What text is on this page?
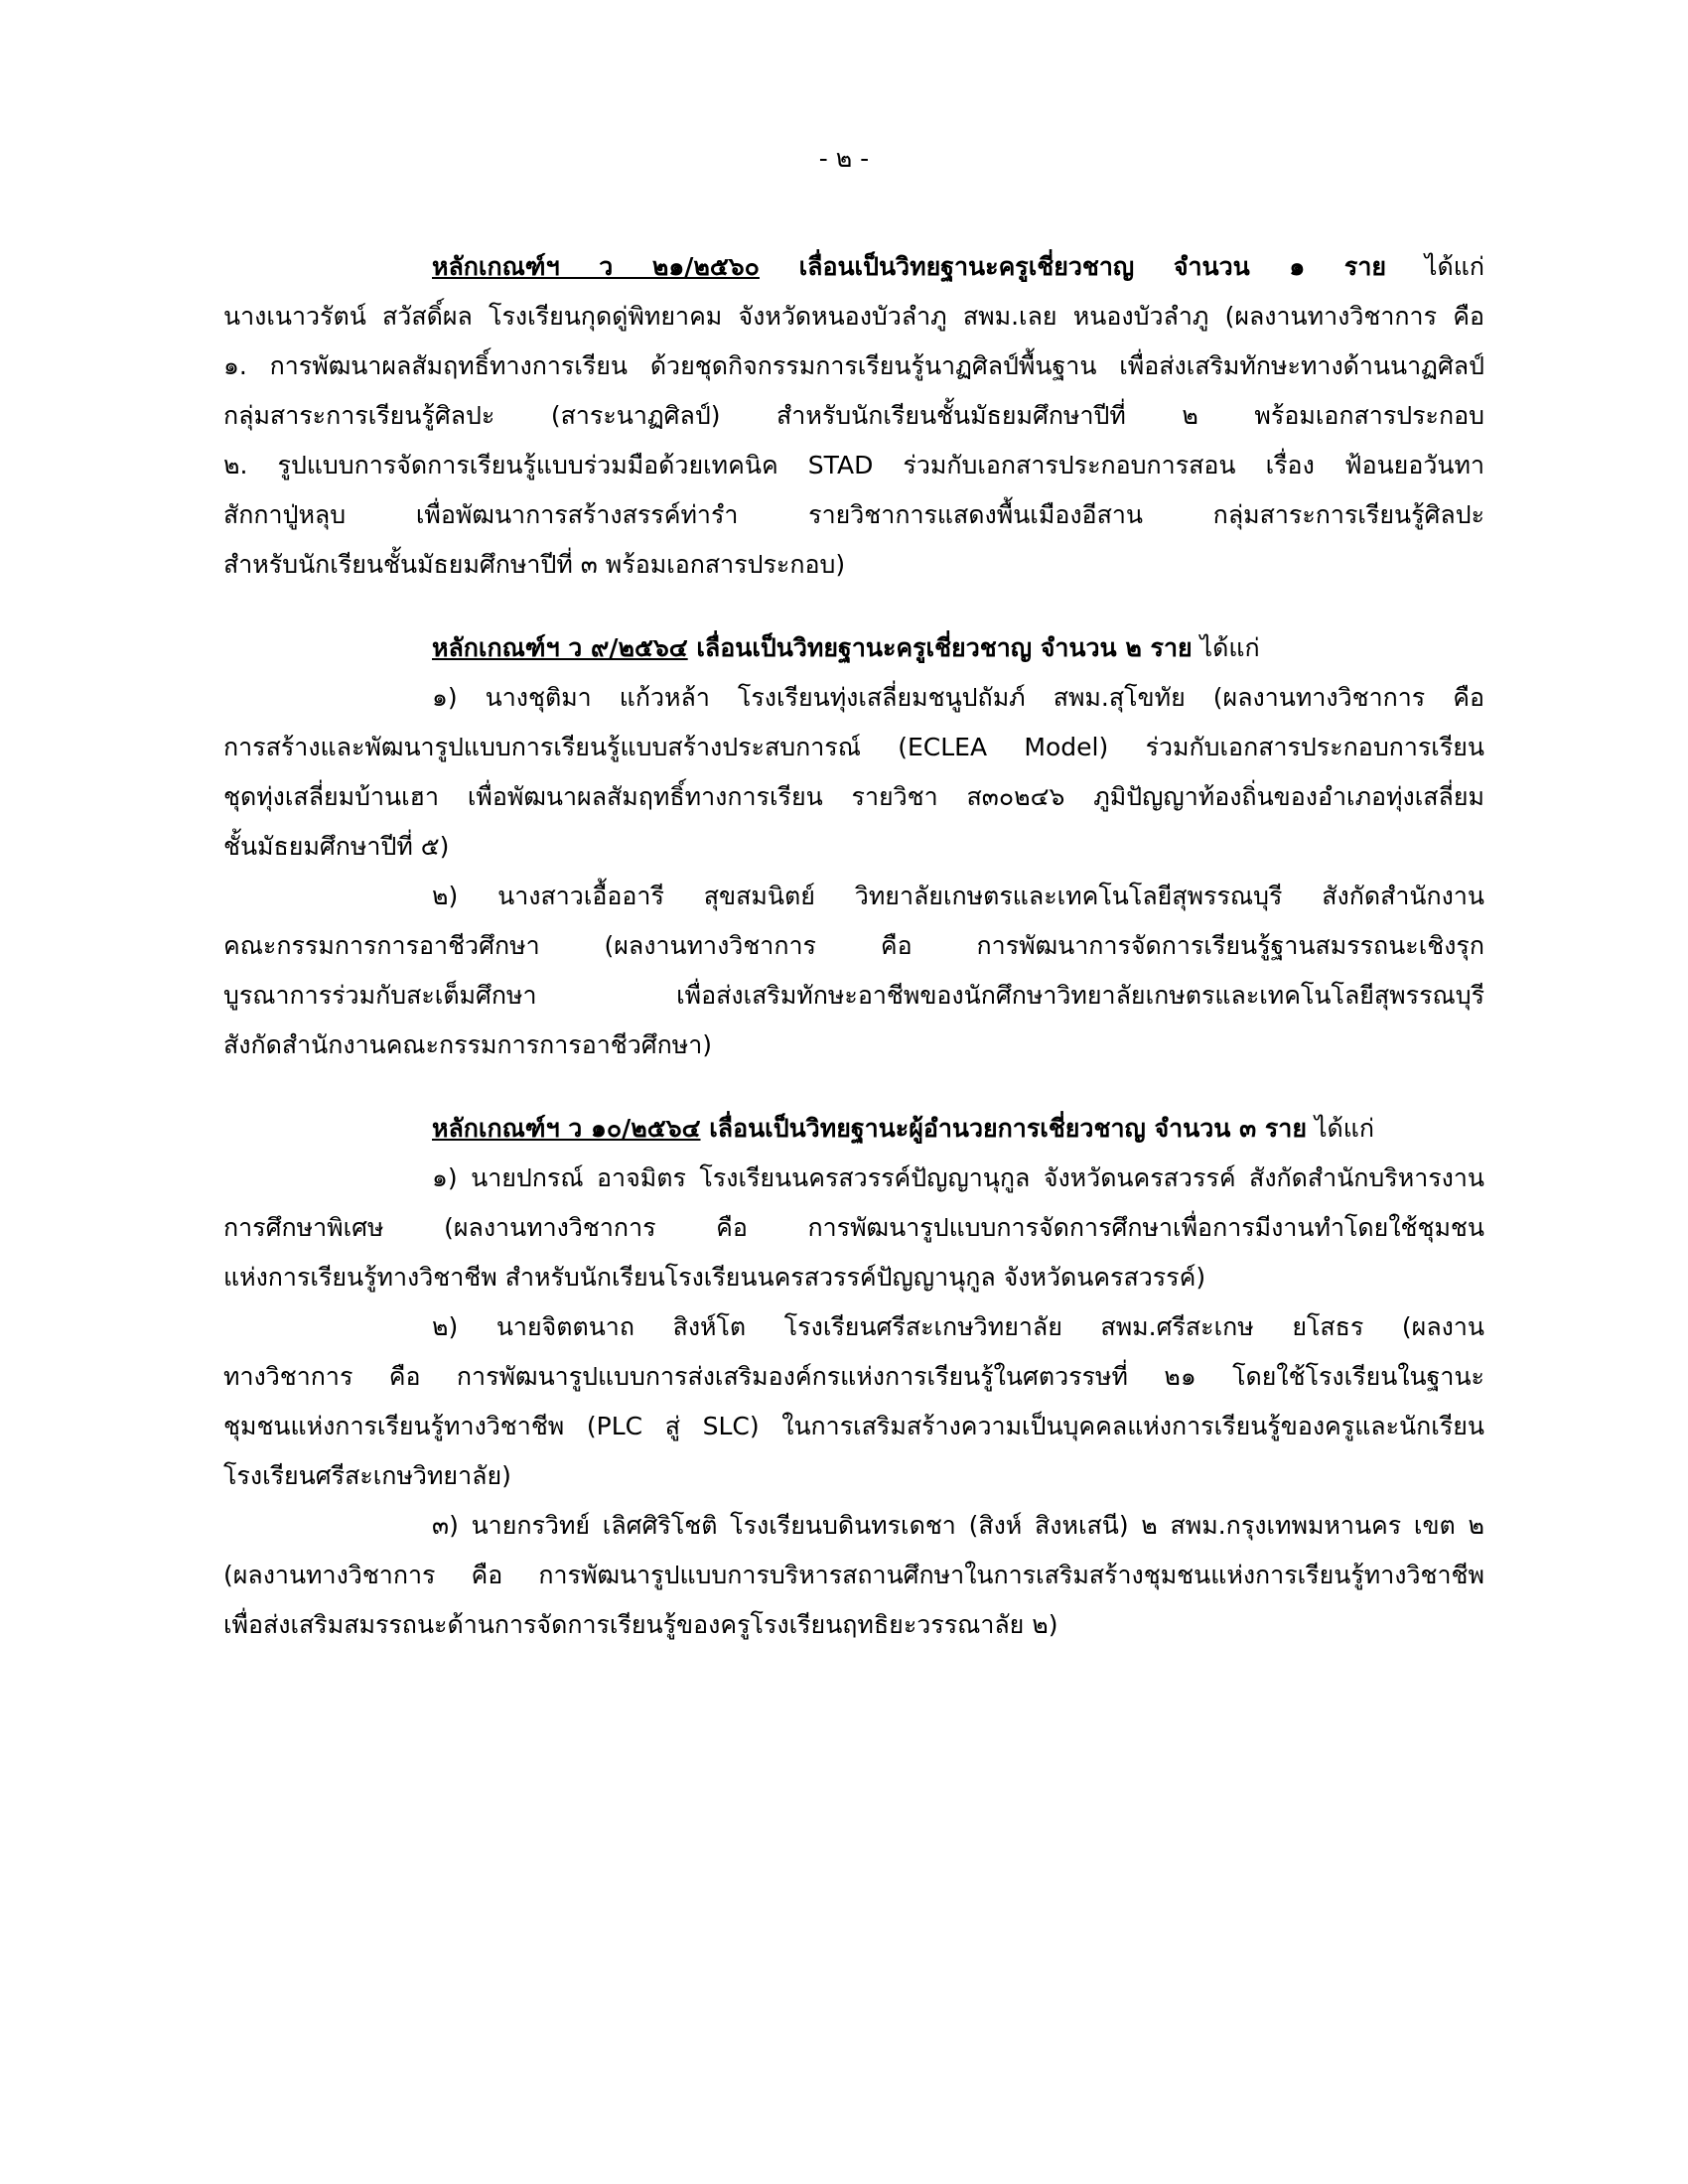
- ๒ -
หลักเกณฑ์ฯ ว ๒๑/๒๕๖๐ เลื่อนเป็นวิทยฐานะครูเชี่ยวชาญ จำนวน ๑ ราย ได้แก่
นางเนาวรัตน์ สวัสดิ์ผล โรงเรียนกุดดู่พิทยาคม จังหวัดหนองบัวลำภู สพม.เลย หนองบัวลำภู (ผลงานทางวิชาการ คือ
๑. การพัฒนาผลสัมฤทธิ์ทางการเรียน ด้วยชุดกิจกรรมการเรียนรู้นาฏศิลป์พื้นฐาน เพื่อส่งเสริมทักษะทางด้านนาฏศิลป์
กลุ่มสาระการเรียนรู้ศิลปะ (สาระนาฏศิลป์) สำหรับนักเรียนชั้นมัธยมศึกษาปีที่ ๒ พร้อมเอกสารประกอบ
๒. รูปแบบการจัดการเรียนรู้แบบร่วมมือด้วยเทคนิค STAD ร่วมกับเอกสารประกอบการสอน เรื่อง ฟ้อนยอวันทา
สักกาปู่หลุบ เพื่อพัฒนาการสร้างสรรค์ท่ารำ รายวิชาการแสดงพื้นเมืองอีสาน กลุ่มสาระการเรียนรู้ศิลปะ
สำหรับนักเรียนชั้นมัธยมศึกษาปีที่ ๓ พร้อมเอกสารประกอบ)
หลักเกณฑ์ฯ ว ๙/๒๕๖๔ เลื่อนเป็นวิทยฐานะครูเชี่ยวชาญ จำนวน ๒ ราย ได้แก่
๑) นางชุติมา แก้วหล้า โรงเรียนทุ่งเสลี่ยมชนูปถัมภ์ สพม.สุโขทัย (ผลงานทางวิชาการ คือ
การสร้างและพัฒนารูปแบบการเรียนรู้แบบสร้างประสบการณ์ (ECLEA Model) ร่วมกับเอกสารประกอบการเรียน
ชุดทุ่งเสลี่ยมบ้านเฮา เพื่อพัฒนาผลสัมฤทธิ์ทางการเรียน รายวิชา ส๓๐๒๔๖ ภูมิปัญญาท้องถิ่นของอำเภอทุ่งเสลี่ยม
ชั้นมัธยมศึกษาปีที่ ๕)
๒) นางสาวเอื้ออารี สุขสมนิตย์ วิทยาลัยเกษตรและเทคโนโลยีสุพรรณบุรี สังกัดสำนักงาน
คณะกรรมการการอาชีวศึกษา (ผลงานทางวิชาการ คือ การพัฒนาการจัดการเรียนรู้ฐานสมรรถนะเชิงรุก
บูรณาการร่วมกับสะเต็มศึกษา เพื่อส่งเสริมทักษะอาชีพของนักศึกษาวิทยาลัยเกษตรและเทคโนโลยีสุพรรณบุรี
สังกัดสำนักงานคณะกรรมการการอาชีวศึกษา)
หลักเกณฑ์ฯ ว ๑๐/๒๕๖๔ เลื่อนเป็นวิทยฐานะผู้อำนวยการเชี่ยวชาญ จำนวน ๓ ราย ได้แก่
๑) นายปกรณ์ อาจมิตร โรงเรียนนครสวรรค์ปัญญานุกูล จังหวัดนครสวรรค์ สังกัดสำนักบริหารงาน
การศึกษาพิเศษ (ผลงานทางวิชาการ คือ การพัฒนารูปแบบการจัดการศึกษาเพื่อการมีงานทำโดยใช้ชุมชน
แห่งการเรียนรู้ทางวิชาชีพ สำหรับนักเรียนโรงเรียนนครสวรรค์ปัญญานุกูล จังหวัดนครสวรรค์)
๒) นายจิตตนาถ สิงห์โต โรงเรียนศรีสะเกษวิทยาลัย สพม.ศรีสะเกษ ยโสธร (ผลงาน
ทางวิชาการ คือ การพัฒนารูปแบบการส่งเสริมองค์กรแห่งการเรียนรู้ในศตวรรษที่ ๒๑ โดยใช้โรงเรียนในฐานะ
ชุมชนแห่งการเรียนรู้ทางวิชาชีพ (PLC สู่ SLC) ในการเสริมสร้างความเป็นบุคคลแห่งการเรียนรู้ของครูและนักเรียน
โรงเรียนศรีสะเกษวิทยาลัย)
๓) นายกรวิทย์ เลิศศิริโชติ โรงเรียนบดินทรเดชา (สิงห์ สิงหเสนี) ๒ สพม.กรุงเทพมหานคร เขต ๒
(ผลงานทางวิชาการ คือ การพัฒนารูปแบบการบริหารสถานศึกษาในการเสริมสร้างชุมชนแห่งการเรียนรู้ทางวิชาชีพ
เพื่อส่งเสริมสมรรถนะด้านการจัดการเรียนรู้ของครูโรงเรียนฤทธิยะวรรณาลัย ๒)
